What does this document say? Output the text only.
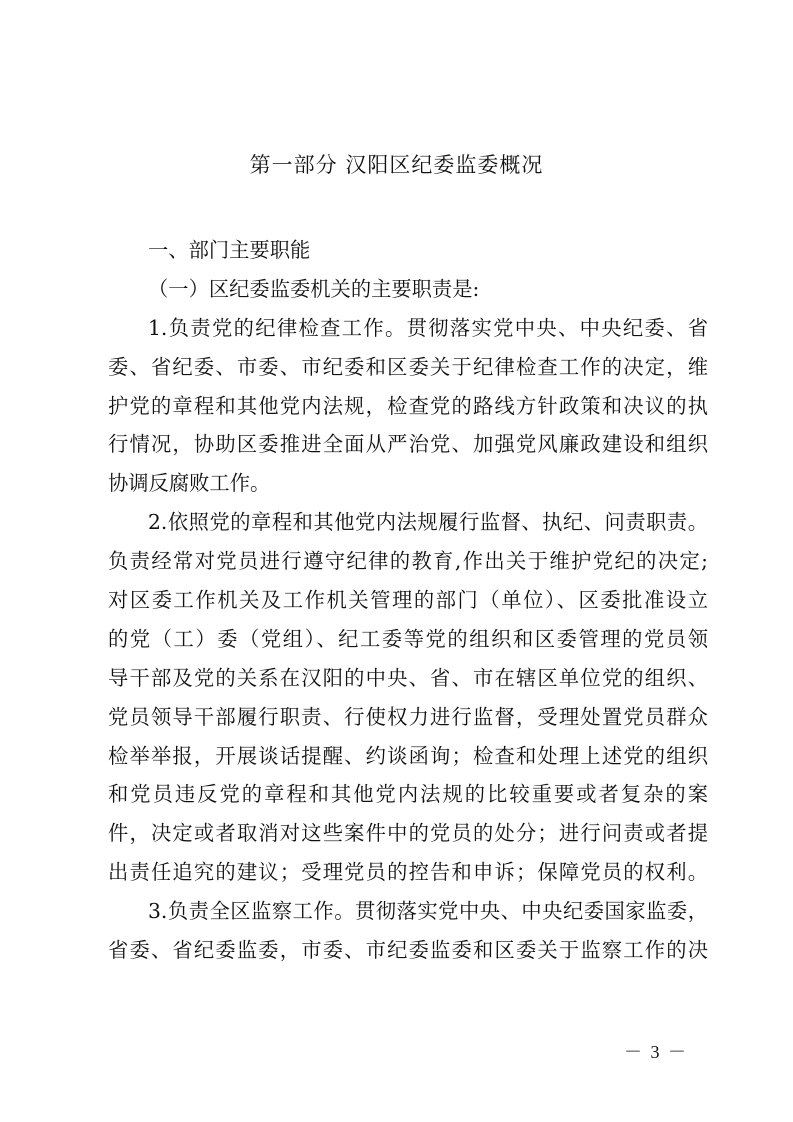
第一部分 汉阳区纪委监委概况
一、部门主要职能
（一）区纪委监委机关的主要职责是:
1.负责党的纪律检查工作。贯彻落实党中央、中央纪委、省
委、省纪委、市委、市纪委和区委关于纪律检查工作的决定，维
护党的章程和其他党内法规，检查党的路线方针政策和决议的执
行情况，协助区委推进全面从严治党、加强党风廉政建设和组织
协调反腐败工作。
2.依照党的章程和其他党内法规履行监督、执纪、问责职责。
负责经常对党员进行遵守纪律的教育,作出关于维护党纪的决定;
对区委工作机关及工作机关管理的部门（单位）、区委批准设立
的党（工）委（党组）、纪工委等党的组织和区委管理的党员领
导干部及党的关系在汉阳的中央、省、市在辖区单位党的组织、
党员领导干部履行职责、行使权力进行监督，受理处置党员群众
检举举报，开展谈话提醒、约谈函询；检查和处理上述党的组织
和党员违反党的章程和其他党内法规的比较重要或者复杂的案
件，决定或者取消对这些案件中的党员的处分；进行问责或者提
出责任追究的建议；受理党员的控告和申诉；保障党员的权利。
3.负责全区监察工作。贯彻落实党中央、中央纪委国家监委，
省委、省纪委监委，市委、市纪委监委和区委关于监察工作的决
－ 3 －
